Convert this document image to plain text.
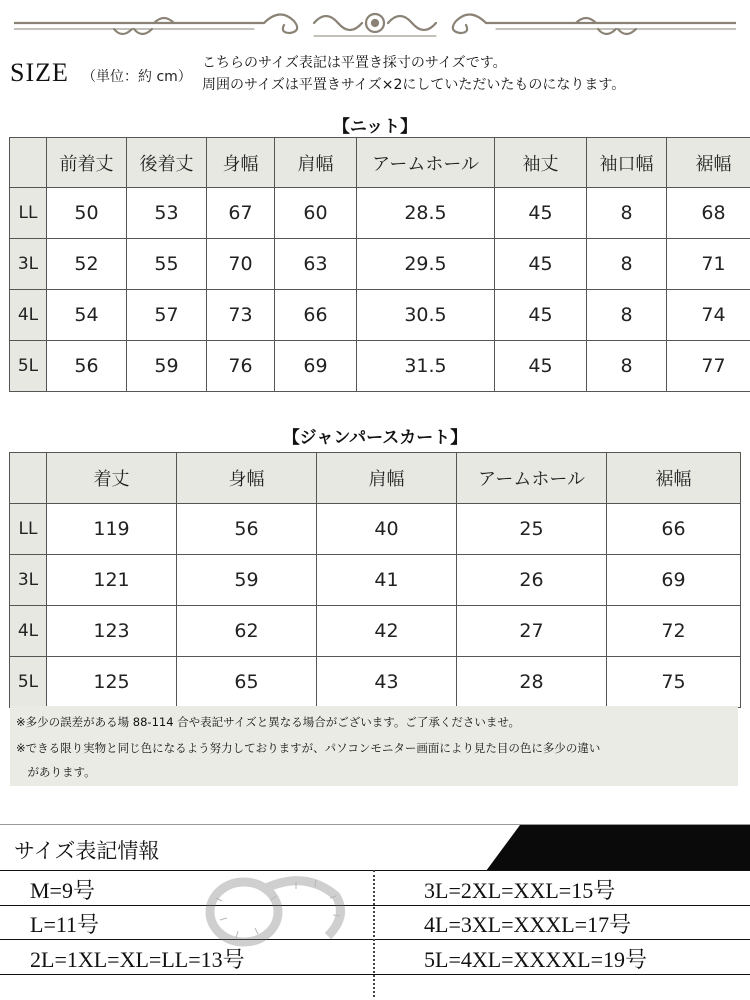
SIZE （単位：約 cm）
こちらのサイズ表記は平置き採寸のサイズです。
周囲のサイズは平置きサイズ×2にしていただいたものになります。
【ニット】
	前着丈	後着丈	身幅	肩幅	アームホール	袖丈	袖口幅	裾幅
LL	50	53	67	60	28.5	45	8	68
3L	52	55	70	63	29.5	45	8	71
4L	54	57	73	66	30.5	45	8	74
5L	56	59	76	69	31.5	45	8	77
【ジャンパースカート】
	着丈	身幅	肩幅	アームホール	裾幅
LL	119	56	40	25	66
3L	121	59	41	26	69
4L	123	62	42	27	72
5L	125	65	43	28	75
※多少の誤差がある場 88-114 合や表記サイズと異なる場合がございます。ご了承くださいませ。
※できる限り実物と同じ色になるよう努力しておりますが、パソコンモニター画面により見た目の色に多少の違い
　があります。
サイズ表記情報
M=9号	3L=2XL=XXL=15号
L=11号	4L=3XL=XXXL=17号
2L=1XL=XL=LL=13号	5L=4XL=XXXXL=19号
